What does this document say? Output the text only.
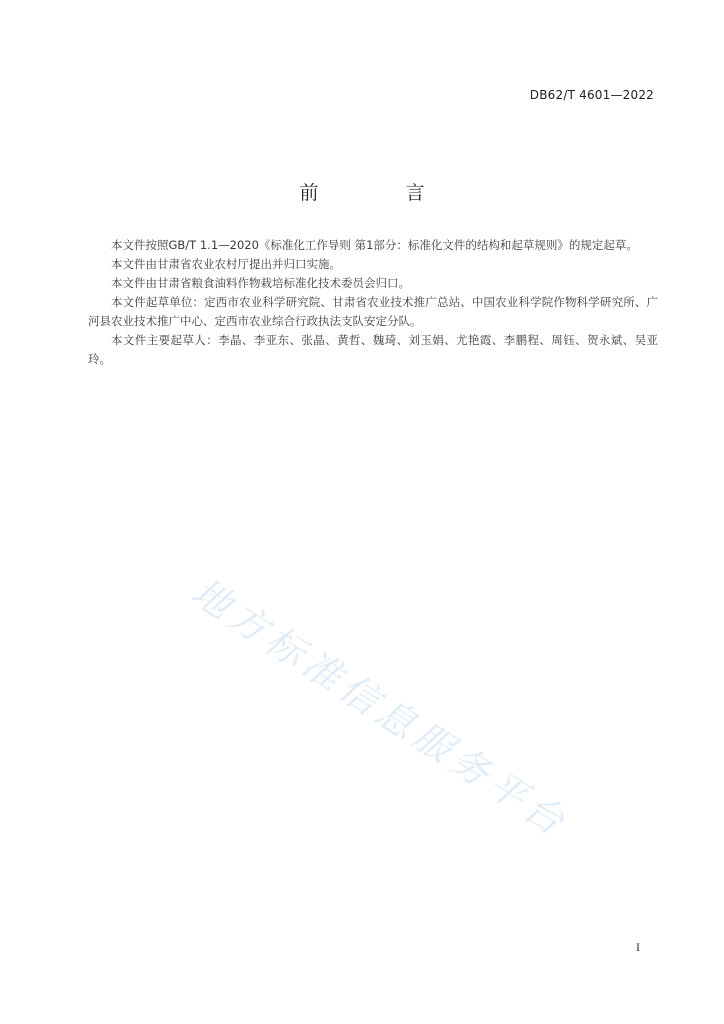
DB62/T 4601—2022
前　言

本文件按照GB/T 1.1—2020《标准化工作导则 第1部分：标准化文件的结构和起草规则》的规定起草。

本文件由甘肃省农业农村厅提出并归口实施。

本文件由甘肃省粮食油料作物栽培标准化技术委员会归口。

本文件起草单位：定西市农业科学研究院、甘肃省农业技术推广总站、中国农业科学院作物科学研究所、广河县农业技术推广中心、定西市农业综合行政执法支队安定分队。

本文件主要起草人：李晶、李亚东、张晶、黄哲、魏琦、刘玉娟、尤艳霞、李鹏程、周钰、贺永斌、吴亚玲。

地方标准信息服务平台
I
